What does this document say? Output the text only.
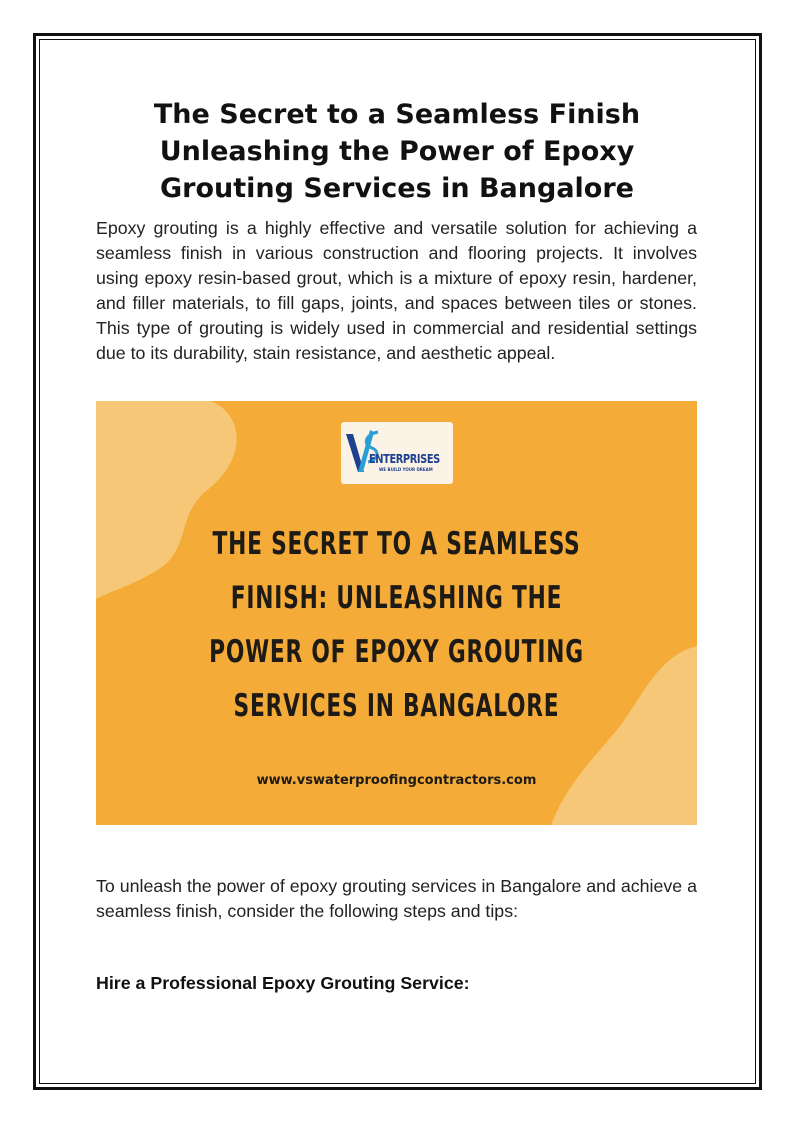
The Secret to a Seamless Finish
Unleashing the Power of Epoxy
Grouting Services in Bangalore

Epoxy grouting is a highly effective and versatile solution for achieving a seamless finish in various construction and flooring projects. It involves using epoxy resin-based grout, which is a mixture of epoxy resin, hardener, and filler materials, to fill gaps, joints, and spaces between tiles or stones. This type of grouting is widely used in commercial and residential settings due to its durability, stain resistance, and aesthetic appeal.

ENTERPRISES
WE BUILD YOUR DREAM
THE SECRET TO A SEAMLESS
FINISH: UNLEASHING THE
POWER OF EPOXY GROUTING
SERVICES IN BANGALORE
www.vswaterproofingcontractors.com

To unleash the power of epoxy grouting services in Bangalore and achieve a seamless finish, consider the following steps and tips:

Hire a Professional Epoxy Grouting Service:
